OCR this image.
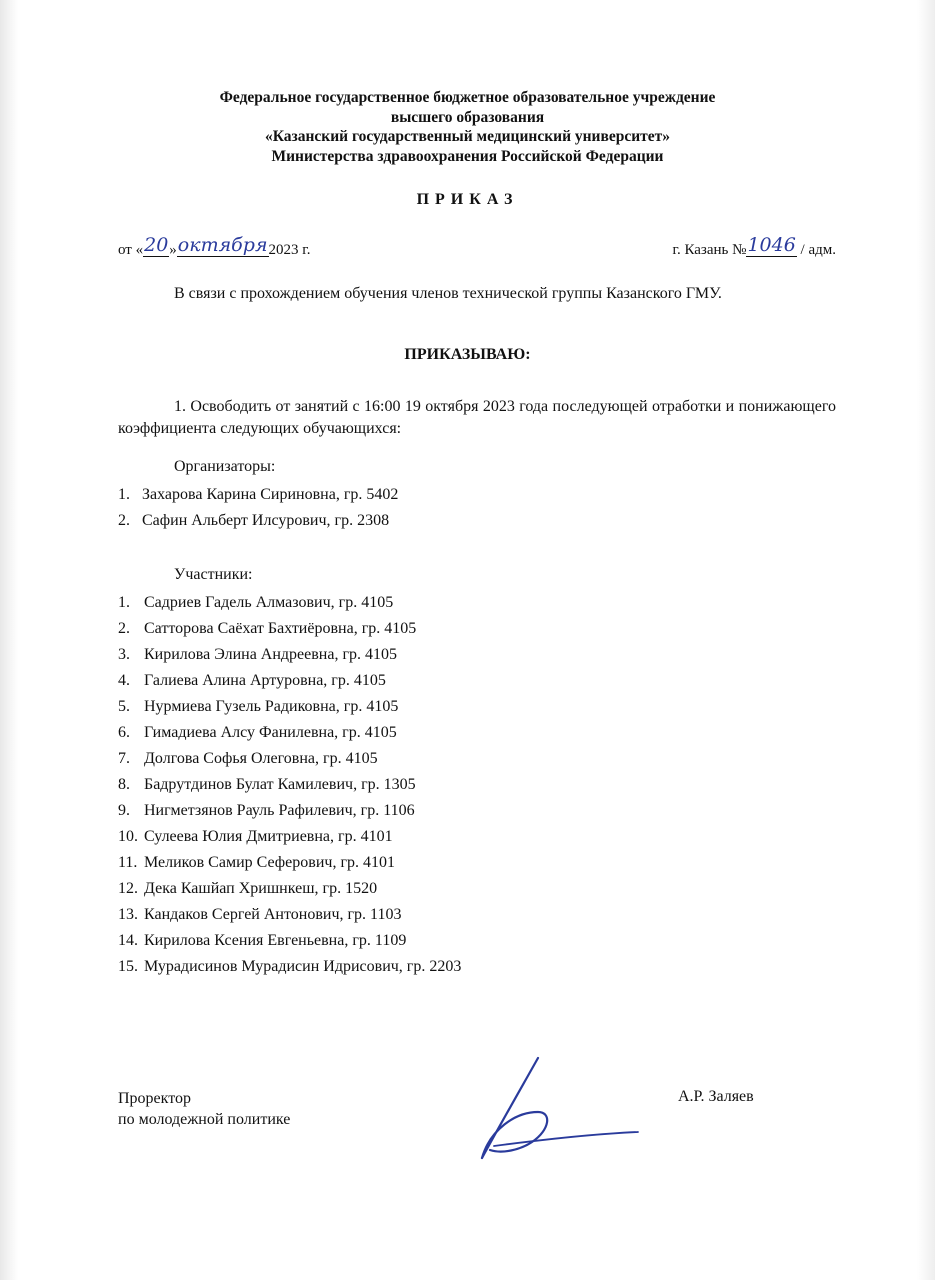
Федеральное государственное бюджетное образовательное учреждение
высшего образования
«Казанский государственный медицинский университет»
Министерства здравоохранения Российской Федерации
ПРИКАЗ
от «20»октября2023 г.	г. Казань №1046 / адм.
В связи с прохождением обучения членов технической группы Казанского ГМУ.
ПРИКАЗЫВАЮ:
1. Освободить от занятий с 16:00 19 октября 2023 года последующей отработки и понижающего коэффициента следующих обучающихся:
Организаторы:
1. Захарова Карина Сириновна, гр. 5402
2. Сафин Альберт Илсурович, гр. 2308
Участники:
1. Садриев Гадель Алмазович, гр. 4105
2. Сатторова Саёхат Бахтиёровна, гр. 4105
3. Кирилова Элина Андреевна, гр. 4105
4. Галиева Алина Артуровна, гр. 4105
5. Нурмиева Гузель Радиковна, гр. 4105
6. Гимадиева Алсу Фанилевна, гр. 4105
7. Долгова Софья Олеговна, гр. 4105
8. Бадрутдинов Булат Камилевич, гр. 1305
9. Нигметзянов Рауль Рафилевич, гр. 1106
10. Сулеева Юлия Дмитриевна, гр. 4101
11. Меликов Самир Сеферович, гр. 4101
12. Дека Кашйап Хришнкеш, гр. 1520
13. Кандаков Сергей Антонович, гр. 1103
14. Кирилова Ксения Евгеньевна, гр. 1109
15. Мурадисинов Мурадисин Идрисович, гр. 2203
Проректор
по молодежной политике
А.Р. Заляев
